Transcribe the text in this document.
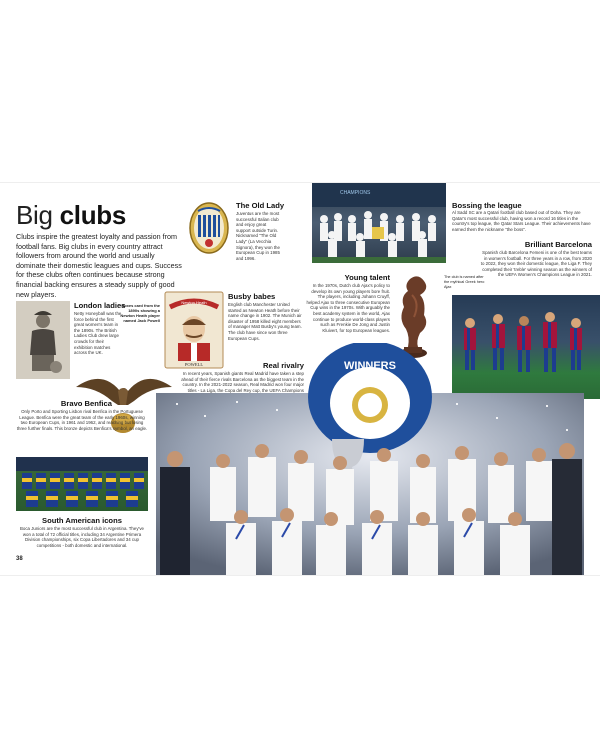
Big clubs
Clubs inspire the greatest loyalty and passion from football fans. Big clubs in every country attract followers from around the world and usually dominate their domestic leagues and cups. Success for these clubs often continues because strong financial backing ensures a steady supply of good new players.
The Old Lady
Juventus are the most successful Italian club and enjoy great support outside Turin. Nicknamed "The Old Lady" (La Vecchia Signora), they won the European Cup in 1985 and 1996.
CHAMPIONS
Bossing the league
Al Sadd SC are a Qatari football club based out of Doha. They are Qatar's most successful club, having won a record 16 titles in the country's top league, the Qatar Stars League. Their achievements have earned them the nickname "the boss".
Brilliant Barcelona
Spanish club Barcelona Femeni is one of the best teams in women's football. For three years in a row, from 2020 to 2022, they won their domestic league, the Liga F. They completed their 'treble' winning season as the winners of the UEFA Women's Champions League in 2021.
Boxes card from the 1890s showing a Newton Heath player named Jack Powell
Newton Heath
POWELL
Busby babes
English club Manchester United started as Newton Heath before their name change in 1902. The Munich air disaster of 1958 killed eight members of manager Matt Busby's young team. The club have since won three European Cups.
Young talent
In the 1970s, Dutch club Ajax's policy to develop its own young players bore fruit. The players, including Johann Cruyff, helped Ajax to three consecutive European Cup wins in the 1970s. With arguably the best academy system in the world, Ajax continue to produce world-class players such as Frenkie De Jong and Justin Kluivert, for top European leagues.
The club is named after the mythical Greek hero Ajax
London ladies
Netty Honeyball was the force behind the first great women's team in the 1890s. The British Ladies Club drew large crowds for their exhibition matches across the UK.
Bravo Benfica
Only Porto and Sporting Lisbon rival Benfica in the Portuguese League. Benfica were the great team of the early 1960s, winning two European Cups, in 1961 and 1962, and reaching but losing three further finals. This bronze depicts Benfica's symbol, an eagle.
South American icons
Boca Juniors are the most successful club in Argentina. They've won a total of 72 official titles, including 34 Argentine Primera Division championships, six Copa Libertadores and 34 cup competitions - both domestic and international.
Real rivalry
In recent years, Spanish giants Real Madrid have taken a step ahead of their fierce rivals Barcelona as the biggest team in the country. In the 2021-2022 season, Real Madrid won four major titles - La Liga, the Copa del Rey cup, the UEFA Champions
WINNERS
38
